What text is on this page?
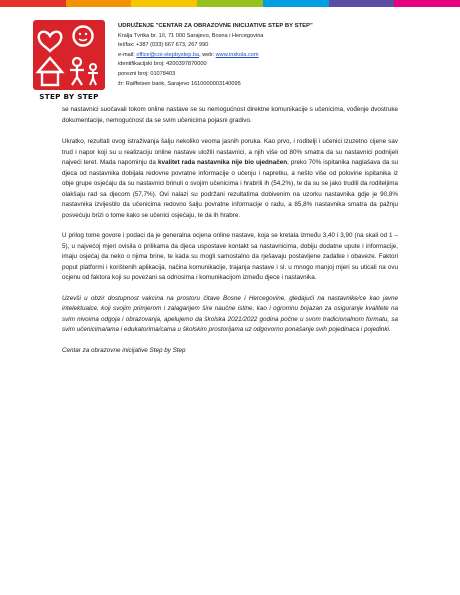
STEP BY STEP
UDRUŽENJE "CENTAR ZA OBRAZOVNE INICIJATIVE STEP BY STEP"
Kralja Tvrtka br. 1/I, 71 000 Sarajevo, Bosna i Hercegovina
tel/fax: +387 (033) 667 673, 267 990
e-mail: office@coi-stepbystep.ba, web: www.inskola.com
identifikacijski broj: 4200397870000
porezni broj: 01078403
žr: Raiffeisen bank, Sarajevo 1610000003140095

se nastavnici suočavali tokom online nastave se su nemogućnost direktne komunikacije s učenicima, vođenje dvostruke dokumentacije, nemogućnost da se svim učenicima pojasni gradivo.

Ukratko, rezultati ovog istraživanja šalju nekoliko veoma jasnih poruka. Kao prvo, i roditelji i učenici izuzetno cijene sav trud i napor koji su u realizaciju online nastave uložili nastavnici, a njih više od 80% smatra da su nastavnici podnijeli najveći teret. Mada napominju da kvalitet rada nastavnika nije bio ujednačen, preko 70% ispitanika naglašava da su djeca od nastavnika dobijala redovne povratne informacije o učenju i napretku, a nešto više od polovine ispitanika iz obje grupe osjećaju da su nastavnici brinuli o svojim učenicima i hrabrili ih (54,2%), te da su se jako trudili da roditeljima olakšaju rad sa djecom (57,7%). Ovi nalazi su podržani rezultatima dobivenim na uzorku nastavnika gdje je 90,8% nastavnika izvijestilo da učenicima redovno šalju povratne informacije o radu, a 85,8% nastavnika smatra da pažnju posvećuju brizi o tome kako se učenici osjećaju, te da ih hrabre.

U prilog tome govore i podaci da je generalna ocjena online nastave, koja se kretala između 3,40 i 3,90 (na skali od 1 – 5), u najvećoj mjeri ovisila o prilikama da djeca uspostave kontakt sa nastavnicima, dobiju dodatne upute i informacije, imaju osjećaj da neko o njima brine, te kada su mogli samostalno da rješavaju postavljene zadatke i obaveze. Faktori poput platformi i korištenih aplikacija, načina komunikacije, trajanja nastave i sl. u mnogo manjoj mjeri su uticali na ovu ocjenu od faktora koji su povezani sa odnosima i komunikacijom između djece i nastavnika.

Uzevši u obzir dostupnost vakcina na prostoru čitave Bosne i Hercegovine, gledajući na nastavnike/ce kao javne intelektualce, koji svojim primjerom i zalaganjem šire naučne istine, kao i ogromnu bojazan za osiguranje kvalitete na svim nivoima odgoja i obrazovanja, apelujemo da školska 2021/2022 godina počne u svom tradicionalnom formatu, sa svim učenicima/ama i edukatorima/cama u školskim prostorijama uz odgovorno ponašanje svih pojedinaca i pojedinki.

Centar za obrazovne inicijative Step by Step
